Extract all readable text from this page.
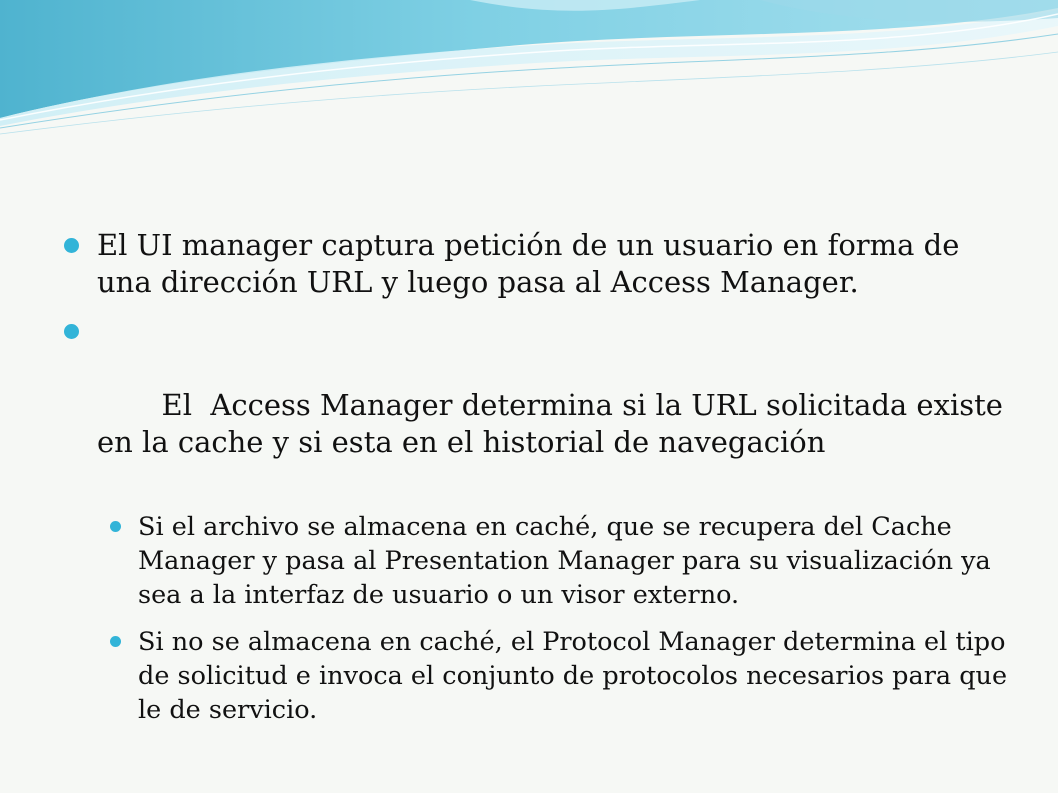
El UI manager captura petición de un usuario en forma de una dirección URL y luego pasa al Access Manager.

El  Access Manager determina si la URL solicitada existe en la cache y si esta en el historial de navegación

Si el archivo se almacena en caché, que se recupera del Cache Manager y pasa al Presentation Manager para su visualización ya sea a la interfaz de usuario o un visor externo.
Si no se almacena en caché, el Protocol Manager determina el tipo de solicitud e invoca el conjunto de protocolos necesarios para que le de servicio.
